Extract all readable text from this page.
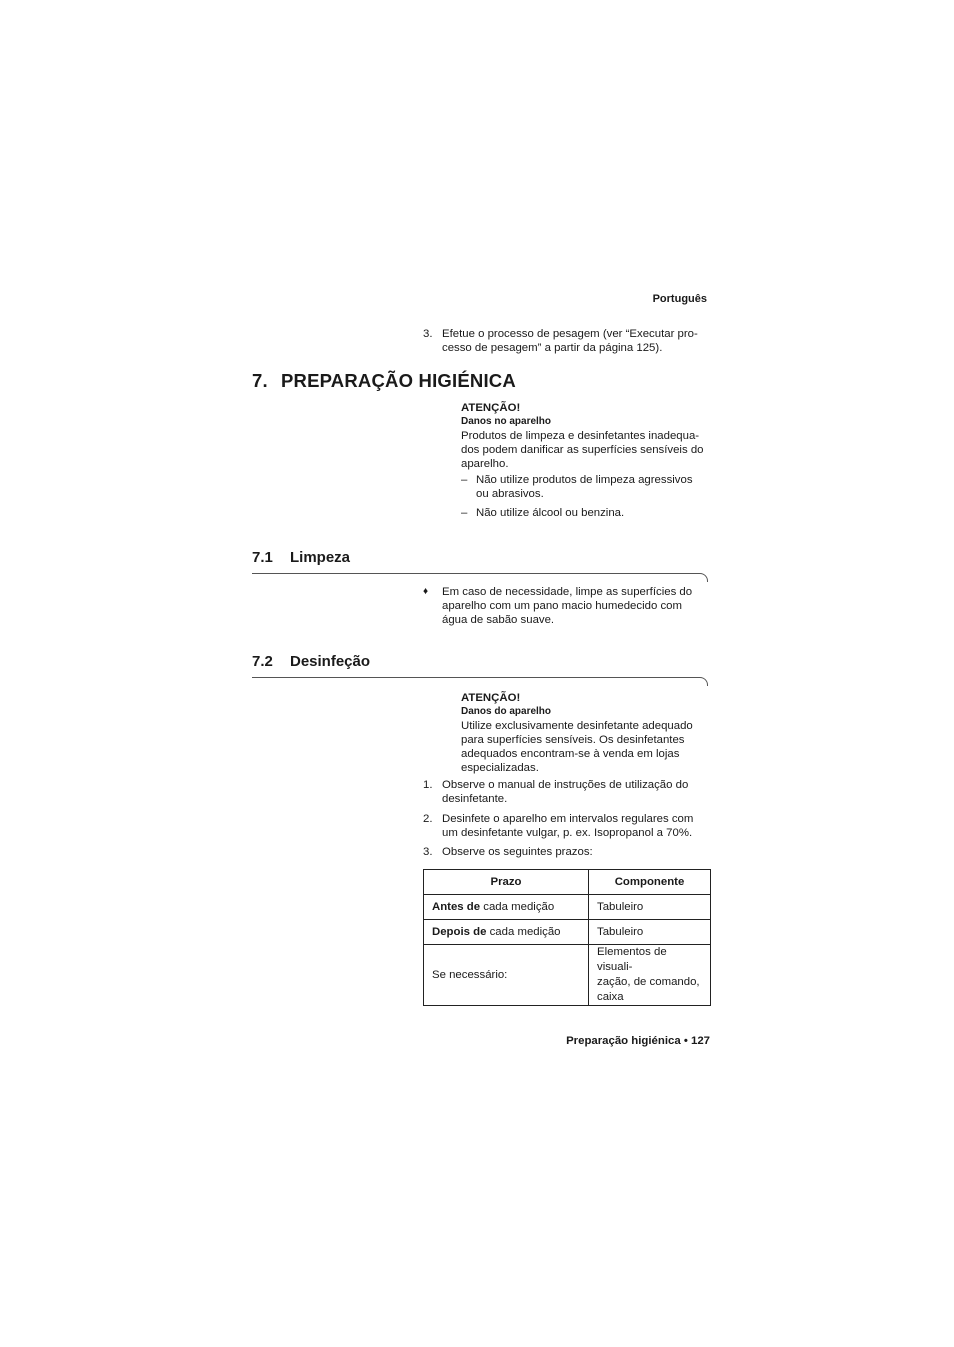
Português
3. Efetue o processo de pesagem (ver “Executar pro-
cesso de pesagem” a partir da página 125).
7. PREPARAÇÃO HIGIÉNICA
ATENÇÃO!
Danos no aparelho
Produtos de limpeza e desinfetantes inadequa-
dos podem danificar as superfícies sensíveis do
aparelho.
– Não utilize produtos de limpeza agressivos
ou abrasivos.
– Não utilize álcool ou benzina.
7.1 Limpeza
♦ Em caso de necessidade, limpe as superfícies do
aparelho com um pano macio humedecido com
água de sabão suave.
7.2 Desinfeção
ATENÇÃO!
Danos do aparelho
Utilize exclusivamente desinfetante adequado
para superfícies sensíveis. Os desinfetantes
adequados encontram-se à venda em lojas
especializadas.
1. Observe o manual de instruções de utilização do
desinfetante.
2. Desinfete o aparelho em intervalos regulares com
um desinfetante vulgar, p. ex. Isopropanol a 70%.
3. Observe os seguintes prazos:
Prazo	Componente
Antes de cada medição	Tabuleiro
Depois de cada medição	Tabuleiro
Se necessário:	Elementos de visuali-
zação, de comando,
caixa
Preparação higiénica • 127
